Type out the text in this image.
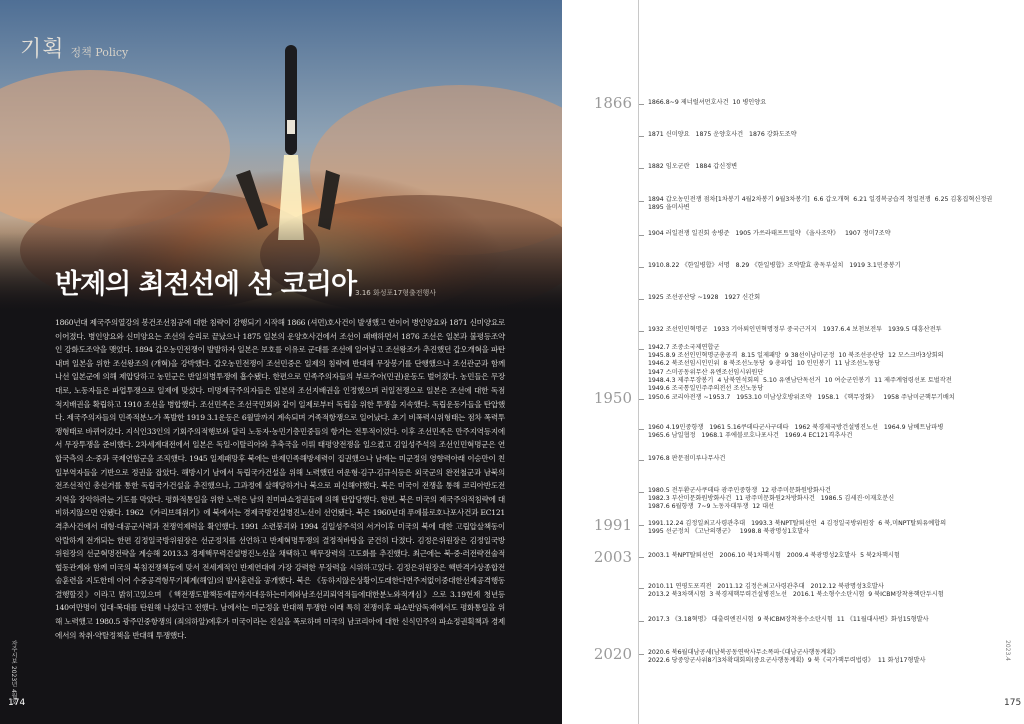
기획 정책 Policy
반제의 최전선에 선 코리아 3.16 화성포17형출전행사
1860년대 제국주의열강의 봉건조선침공에 대한 침략이 감행되기 시작해 1866 (셔먼)호사건이 발생했고 연이어 병인양요와 1871 신미양요로 이어졌다. 병인양요와 신미양요는 조선의 승리로 끝났으나 1875 일본의 운양호사건에서 조선이 패배하면서 1876 조선은 일본과 불평등조약인 강화도조약을 맺었다. 1894 갑오농민전쟁이 발발하자 일본은 보호를 이유로 군대를 조선에 일어넣고 조선왕조가 추진했던 갑오개혁을 파탄내며 일본을 위한 조선왕조의 (개혁)을 강박했다. 갑오농민전쟁이 조선민중은 일제의 침략에 반대해 무장봉기를 단행했으나 조선관군과 함께 나선 일본군에 의해 제압당하고 농민군은 반일의병투쟁에 흡수됐다. 한편으로 민족주의자들의 부르주아(민권)운동도 벌어졌다. 농민들은 무장대로, 노동자들은 파업투쟁으로 일제에 맞섰다. 미명제국주의자들은 일본의 조선지배권을 인정했으며 러일전쟁으로 일본은 조선에 대한 독점적지배권을 확립하고 1910 조선을 병합했다. 조선민족은 조선국민회와 같이 일제로부터 독립을 위한 투쟁을 지속했다. 독립운동가들을 탄압했다. 제국주의자들의 민족적분노가 폭발한 1919 3.1운동은 6월말까지 계속되며 거족적항쟁으로 일어났다. 초기 비폭력시위형태는 점차 폭력투쟁형태로 바뀌어갔다. 지식인33인의 기회주의적행보와 달리 노동자·농민기층민중들의 항거는 전투적이었다. 이후 조선민족은 만주지역등지에서 무장투쟁을 준비했다. 2차세계대전에서 일본은 독일·이탈리아와 추축국을 이뤄 태평양전쟁을 일으켰고 김일성주석의 조선인민혁명군은 연합국측의 소·중과 국제연합군을 조직했다. 1945 일제패망후 북에는 반제민족해방세력이 집권했으나 남에는 미군정의 영향력아래 이승만이 친일부역자들을 기반으로 정권을 잡았다. 해방시기 남에서 독립국가건설을 위해 노력했던 여운형·김구·김규식등은 외국군의 완전철군과 남북의 전조선적인 총선거를 통한 독립국가건설을 추진했으나, 그과정에 살해당하거나 북으로 피신해야했다. 북은 미국이 전쟁을 통해 코리아반도전지역을 장악하려는 기도를 막았다. 평화적통일을 위한 노력은 남의 친미파쇼정권들에 의해 탄압당했다. 한편, 북은 미국의 제국주의적침략에 대비하지않으면 안됐다. 1962 《카리브해위기》에 북에서는 경제국방건설병진노선이 선언됐다. 북은 1960년대 푸에블로호나포사건과 EC121격추사건에서 대형·대공군사력과 전쟁억제력을 확인했다. 1991 소련붕괴와 1994 김일성주석의 서거이후 미국의 북에 대한 고립압살책동이 악랄하게 전개되는 한편 김정일국방위원장은 선군정치를 선언하고 반제혁명투쟁의 결정적바탕을 굳건히 다졌다. 김정은위원장은 김정일국방위원장의 선군혁명전략을 계승해 2013.3 경제핵무력건설병진노선을 채택하고 핵무장력의 고도화를 추진했다. 최근에는 북-중·러전략전술적협동관계와 함께 미국의 북침전쟁책동에 맞서 전세계적인 반제연대에 가장 강력한 무장력을 시위하고있다. 김정은위원장은 핵반격가상종합전술훈련을 지도한데 이어 수중공격형무기체계(해일)의 발사훈련을 공개했다. 북은 《동하지않은상황이도래한다면주저없이중대한선제공격행동결행할것》이라고 밝히고있으며 《핵전쟁도발책동에끝까지대응하는미제와남조선괴뢰역적들에대한분노와적개심》으로 3.19현재 청년등140여만명이 입대·복대를 탄원해 나섰다고 전했다. 남에서는 미군정을 반대해 투쟁한 이래 특히 전쟁이후 파쇼반암독재에서도 평화통일을 위해 노력했고 1980.5 광주민중항쟁의 (죄의하알)에후가 미국이라는 진실을 폭로하며 미국의 남코리아에 대한 신식민주의 파쇼정권획책과 경제에서의 착취·약탈정책을 반대해 투쟁했다.
자주시보 2023년 4월호
174
1866
1950
1991
2003
2020
1866.8~9 제너럴셔먼호사건  10 병인양요
1871 신미양요   1875 운양호사건   1876 강화도조약
1882 임오군란   1884 갑신정변
1894 갑오농민전쟁 점차[1차봉기 4월2차봉기 9월3차봉기]  6.6 갑오개혁  6.21 일경복궁습격 청일전쟁  6.25 김홍집혁신정권
1895 을미사변
1904 러일전쟁 일진회 송병준   1905 가쓰라태프트밀약 《을사조약》   1907 정미7조약
1910.8.22 《한일병합》서명   8.29 《한일병합》조약발효 총독부설치   1919 3.1민중봉기
1925 조선공산당 ~1928   1927 신간회
1932 조선인민혁명군   1933 기아퇴인민혁명정부 중국근거지   1937.6.4 보천보전투   1939.5 대흥산전투
1942.7 조중소국제연합군
1945.8.9 조선인민혁명군총공격  8.15 일제패망  9 38선이남미군정  10 북조선공산당  12 모스크바3상회의
1946.2 북조선임시인민위  8 북조선노동당  9 총파업  10 인민봉기  11 남조선노동당
1947 스미공동위무산 유엔조선임시위원단
1948.4.3 제주무장봉기  4 남북연석회의  5.10 유엔남단독선거  10 여순군인봉기  11 제주계엄령선포 토벌작전
1949.6 조국통일민주주의전선 조선노동당
1950.6 코리아전쟁 ~1953.7   1953.10 미남상호방위조약   1958.1 《핵무장화》   1958 주남미군핵무기배치
1960 4.19민중항쟁   1961 5.16쿠데타군사구데타   1962 북경제국방건설병진노선   1964.9 남베트남파병
1965.6 남일협정   1968.1 푸에블로호나포사건   1969.4 EC121격추사건
1976.8 판문점미루나무사건
1980.5 전두환군사쿠데타 광주민중항쟁  12 광주미문화원방화사건
1982.3 부산미문화원방화사건  11 광주미문화원2차방화사건   1986.5 김세진·이재호분신
1987.6 6월항쟁  7~9 노동자대투쟁  12 대선
1991.12.24 김정일최고사령관추대   1993.3 북NPT탈퇴선언  4 김정일국방위원장  6 북,미NPT탈퇴유예합의
1995 선군정치 《고난의행군》   1998.8 북광명성1호발사
2003.1 북NPT탈퇴선언   2006.10 북1차핵시험   2009.4 북광명성2호발사  5 북2차핵시험
2010.11 연평도포격전   2011.12 김정은최고사령관추대   2012.12 북광명성3호발사
2013.2 북3차핵시험  3 북경제핵무력건설병진노선   2016.1 북소형수소탄시험  9 북ICBM장착용핵탄두시험
2017.3 《3.18혁명》 대출력엔진시험  9 북ICBM장착용수소탄시험  11 《11월대사변》화성15형발사
2020.6 북6월대남공세(남북공동연락사무소폭파·《대남군사행동계획》
2022.6 당중앙군사위8기3차확대회의(중요군사행동계획)  9 북《국가핵무력법령》  11 화성17형발사	2023.4
175
